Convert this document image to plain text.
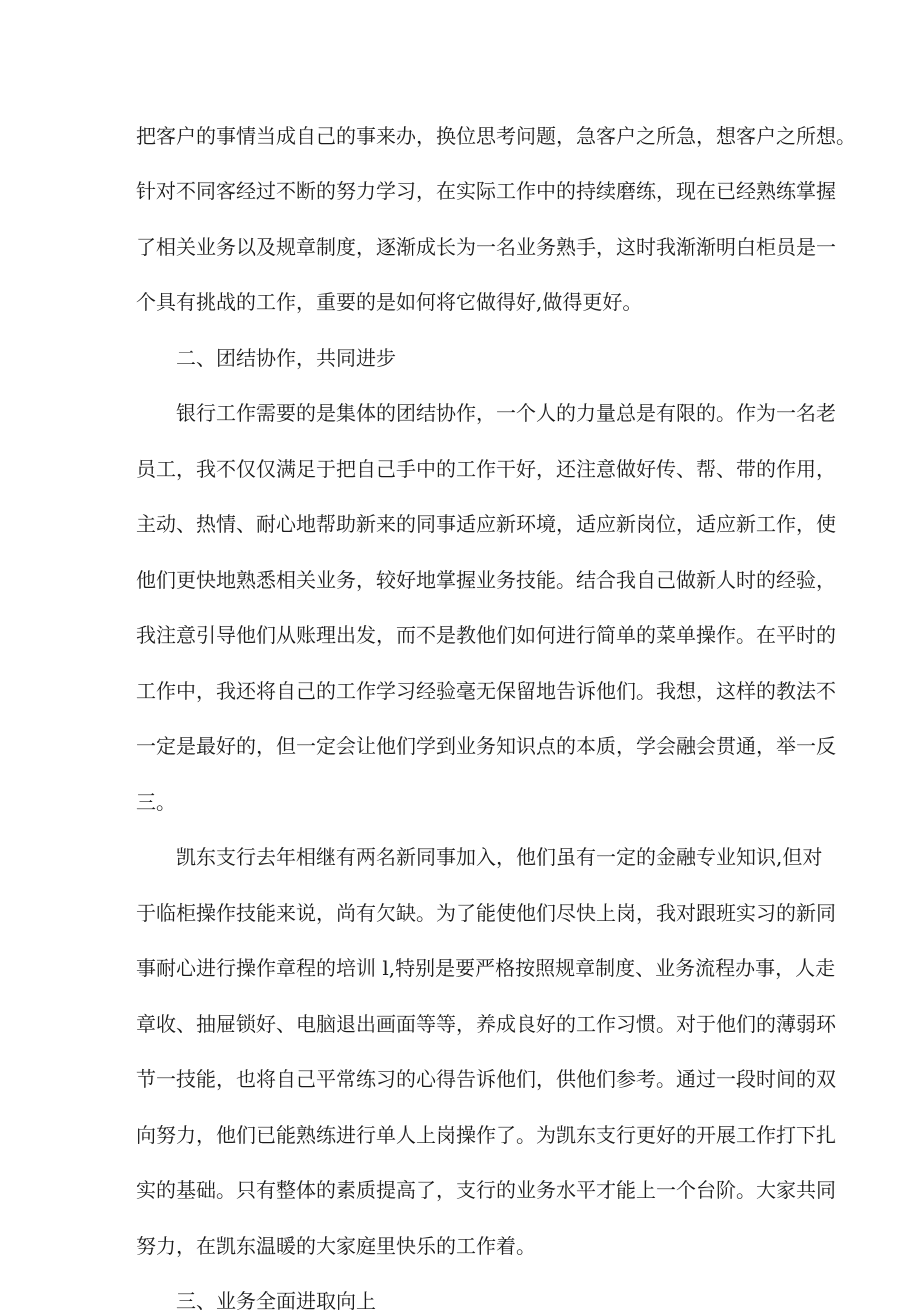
把客户的事情当成自己的事来办，换位思考问题，急客户之所急，想客户之所想。
针对不同客经过不断的努力学习，在实际工作中的持续磨练，现在已经熟练掌握
了相关业务以及规章制度，逐渐成长为一名业务熟手，这时我渐渐明白柜员是一
个具有挑战的工作，重要的是如何将它做得好,做得更好。
二、团结协作，共同进步
银行工作需要的是集体的团结协作，一个人的力量总是有限的。作为一名老
员工，我不仅仅满足于把自己手中的工作干好，还注意做好传、帮、带的作用，
主动、热情、耐心地帮助新来的同事适应新环境，适应新岗位，适应新工作，使
他们更快地熟悉相关业务，较好地掌握业务技能。结合我自己做新人时的经验，
我注意引导他们从账理出发，而不是教他们如何进行简单的菜单操作。在平时的
工作中，我还将自己的工作学习经验毫无保留地告诉他们。我想，这样的教法不
一定是最好的，但一定会让他们学到业务知识点的本质，学会融会贯通，举一反
三。
凯东支行去年相继有两名新同事加入，他们虽有一定的金融专业知识,但对
于临柜操作技能来说，尚有欠缺。为了能使他们尽快上岗，我对跟班实习的新同
事耐心进行操作章程的培训 l,特别是要严格按照规章制度、业务流程办事，人走
章收、抽屉锁好、电脑退出画面等等，养成良好的工作习惯。对于他们的薄弱环
节一技能，也将自己平常练习的心得告诉他们，供他们参考。通过一段时间的双
向努力，他们已能熟练进行单人上岗操作了。为凯东支行更好的开展工作打下扎
实的基础。只有整体的素质提高了，支行的业务水平才能上一个台阶。大家共同
努力，在凯东温暖的大家庭里快乐的工作着。
三、业务全面进取向上
